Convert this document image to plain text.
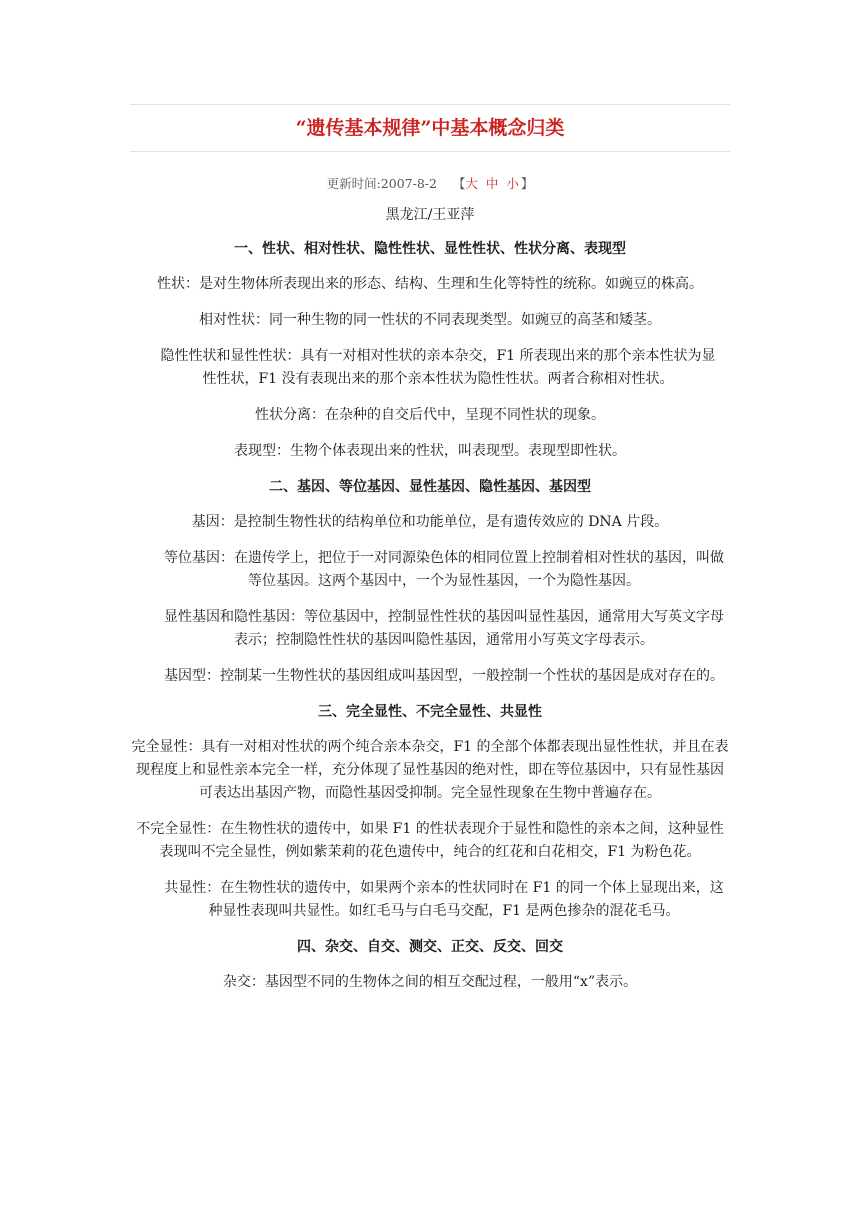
“遗传基本规律”中基本概念归类
更新时间:2007-8-2 【大 中 小】
黑龙江/王亚萍
一、性状、相对性状、隐性性状、显性性状、性状分离、表现型

性状：是对生物体所表现出来的形态、结构、生理和生化等特性的统称。如豌豆的株高。

相对性状：同一种生物的同一性状的不同表现类型。如豌豆的高茎和矮茎。

隐性性状和显性性状：具有一对相对性状的亲本杂交，F1 所表现出来的那个亲本性状为显性性状，F1 没有表现出来的那个亲本性状为隐性性状。两者合称相对性状。

性状分离：在杂种的自交后代中，呈现不同性状的现象。

表现型：生物个体表现出来的性状，叫表现型。表现型即性状。

二、基因、等位基因、显性基因、隐性基因、基因型

基因：是控制生物性状的结构单位和功能单位，是有遗传效应的 DNA 片段。

等位基因：在遗传学上，把位于一对同源染色体的相同位置上控制着相对性状的基因，叫做等位基因。这两个基因中，一个为显性基因，一个为隐性基因。

显性基因和隐性基因：等位基因中，控制显性性状的基因叫显性基因，通常用大写英文字母表示；控制隐性性状的基因叫隐性基因，通常用小写英文字母表示。

基因型：控制某一生物性状的基因组成叫基因型，一般控制一个性状的基因是成对存在的。

三、完全显性、不完全显性、共显性

完全显性：具有一对相对性状的两个纯合亲本杂交，F1 的全部个体都表现出显性性状，并且在表现程度上和显性亲本完全一样，充分体现了显性基因的绝对性，即在等位基因中，只有显性基因可表达出基因产物，而隐性基因受抑制。完全显性现象在生物中普遍存在。

不完全显性：在生物性状的遗传中，如果 F1 的性状表现介于显性和隐性的亲本之间，这种显性表现叫不完全显性，例如紫茉莉的花色遗传中，纯合的红花和白花相交，F1 为粉色花。

共显性：在生物性状的遗传中，如果两个亲本的性状同时在 F1 的同一个体上显现出来，这种显性表现叫共显性。如红毛马与白毛马交配，F1 是两色掺杂的混花毛马。

四、杂交、自交、测交、正交、反交、回交

杂交：基因型不同的生物体之间的相互交配过程，一般用“x”表示。
